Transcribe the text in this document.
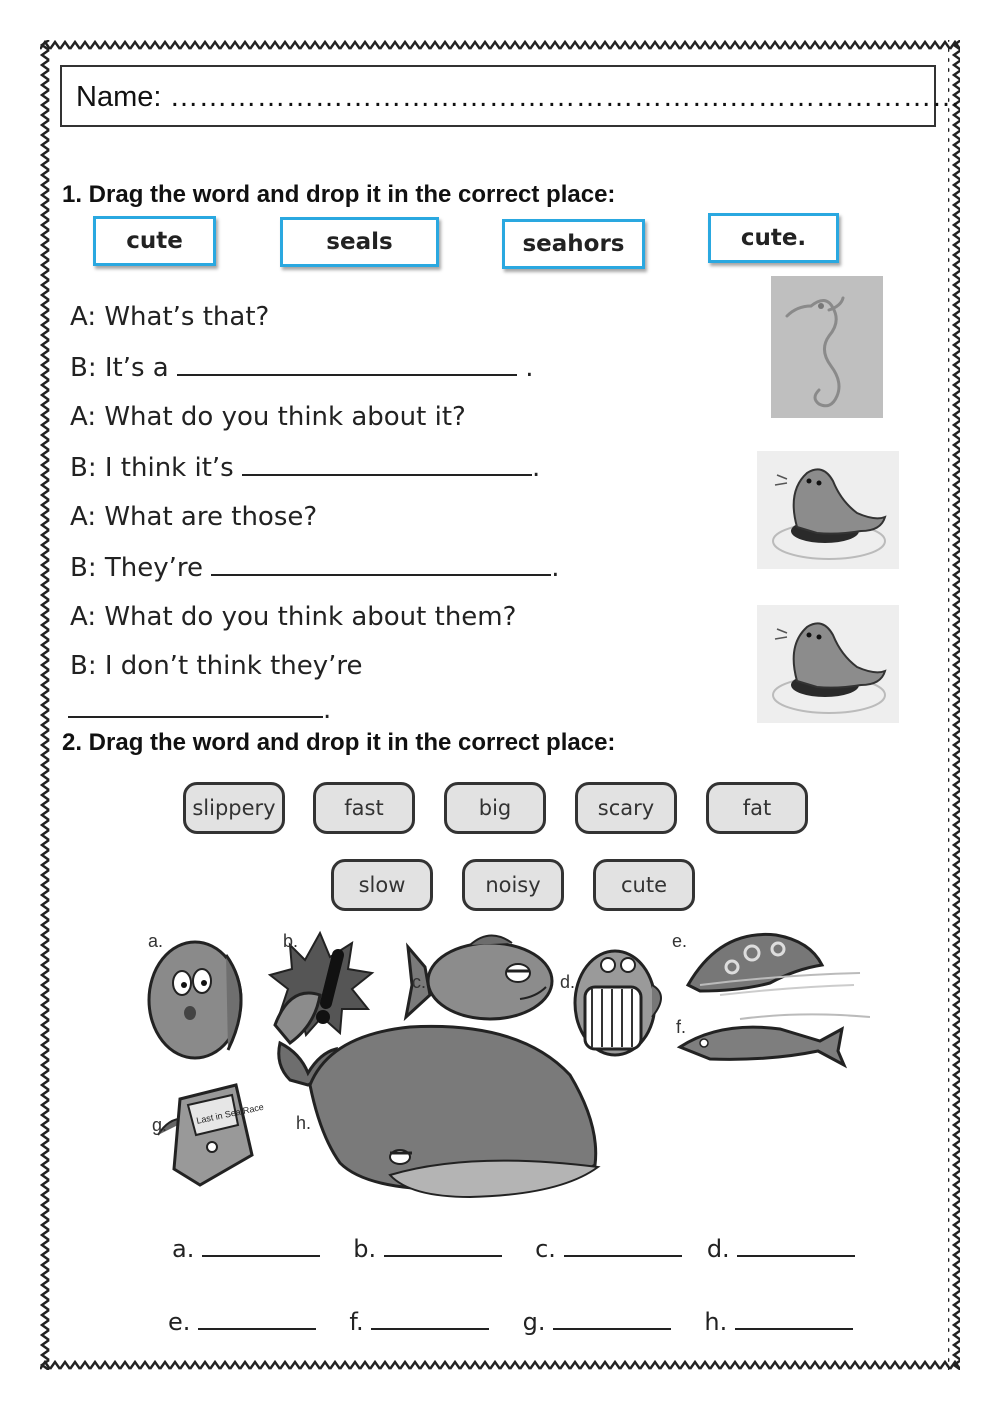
Name: ………………………………………………….……………………
1. Drag the word and drop it in the correct place:
cute	seals	seahors	cute.
A: What’s that?
B: It’s a	.
A: What do you think about it?
B: I think it’s	.
A: What are those?
B: They’re	.
A: What do you think about them?
B: I don’t think they’re
.
2. Drag the word and drop it in the correct place:
slippery	fast	big	scary	fat
slow	noisy	cute
Last in Sea Race
a.	b.
c.	d.
e.
f.
g.	h.
a.	b.	c.	d.
e.	f.	g.	h.
